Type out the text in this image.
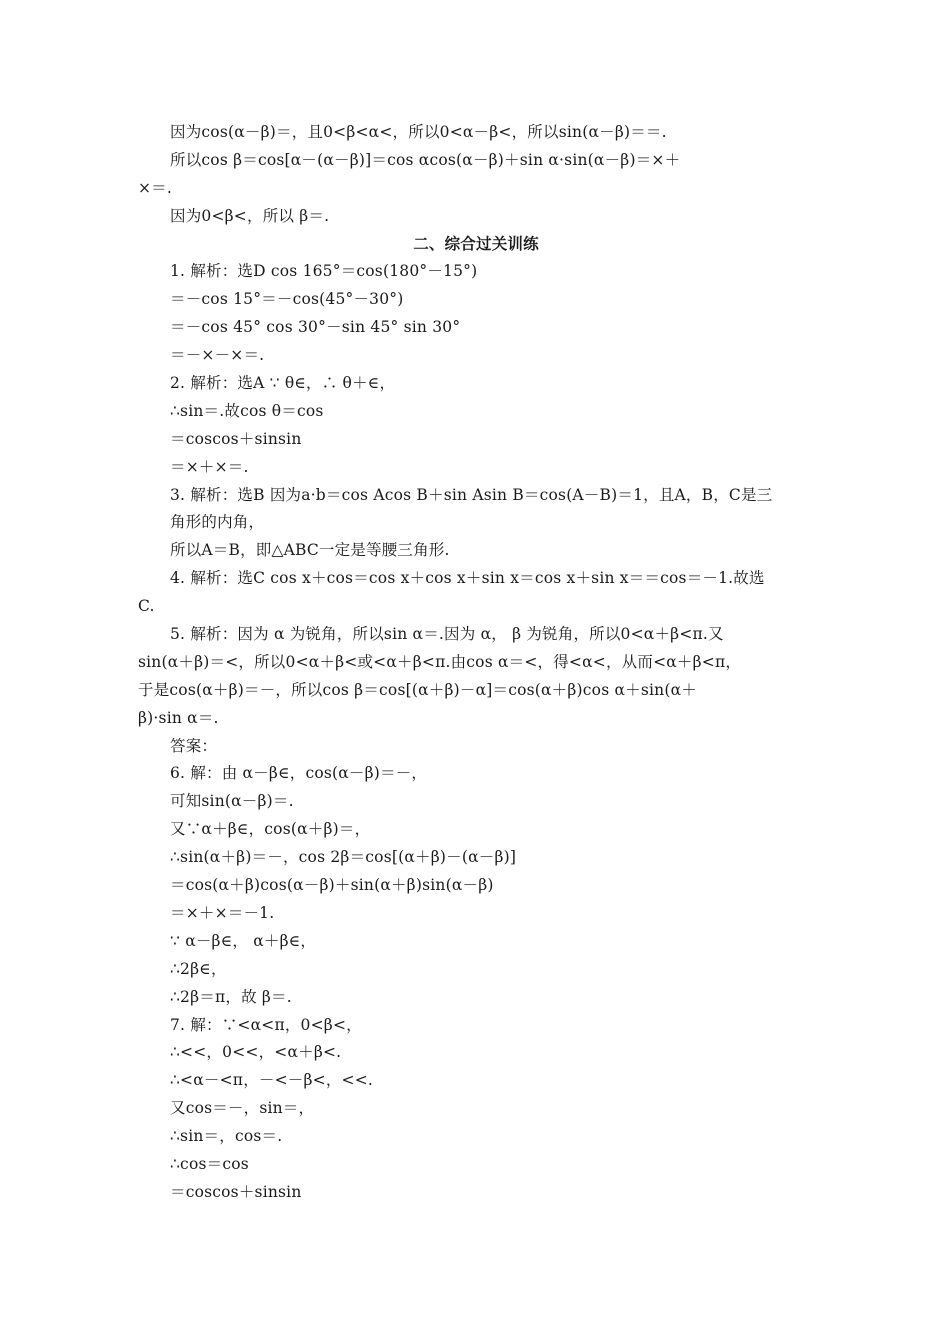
因为cos(α－β)＝，且0<β<α<，所以0<α－β<，所以sin(α－β)＝＝.
所以cos β＝cos[α－(α－β)]＝cos αcos(α－β)＋sin α·sin(α－β)＝×＋
×＝.
因为0<β<，所以 β＝.
二、综合过关训练
1. 解析：选D cos 165°＝cos(180°－15°)
＝－cos 15°＝－cos(45°－30°)
＝－cos 45° cos 30°－sin 45° sin 30°
＝－×－×＝.
2. 解析：选A ∵ θ∈，∴ θ＋∈，
∴sin＝.故cos θ＝cos
＝coscos＋sinsin
＝×＋×＝.
3. 解析：选B 因为a·b＝cos Acos B＋sin Asin B＝cos(A－B)＝1，且A，B，C是三
角形的内角，
所以A＝B，即△ABC一定是等腰三角形.
4. 解析：选C cos x＋cos＝cos x＋cos x＋sin x＝cos x＋sin x＝＝cos＝－1.故选
C.
5. 解析：因为 α 为锐角，所以sin α＝.因为 α， β 为锐角，所以0<α＋β<π.又
sin(α＋β)＝<，所以0<α＋β<或<α＋β<π.由cos α＝<，得<α<，从而<α＋β<π，
于是cos(α＋β)＝－，所以cos β＝cos[(α＋β)－α]＝cos(α＋β)cos α＋sin(α＋
β)·sin α＝.
答案：
6. 解：由 α－β∈，cos(α－β)＝－，
可知sin(α－β)＝.
又∵α＋β∈，cos(α＋β)＝，
∴sin(α＋β)＝－，cos 2β＝cos[(α＋β)－(α－β)]
＝cos(α＋β)cos(α－β)＋sin(α＋β)sin(α－β)
＝×＋×＝－1.
∵ α－β∈， α＋β∈，
∴2β∈，
∴2β＝π，故 β＝.
7. 解：∵<α<π，0<β<，
∴<<，0<<，<α＋β<.
∴<α－<π，－<－β<，<<.
又cos＝－，sin＝，
∴sin＝，cos＝.
∴cos＝cos
＝coscos＋sinsin
